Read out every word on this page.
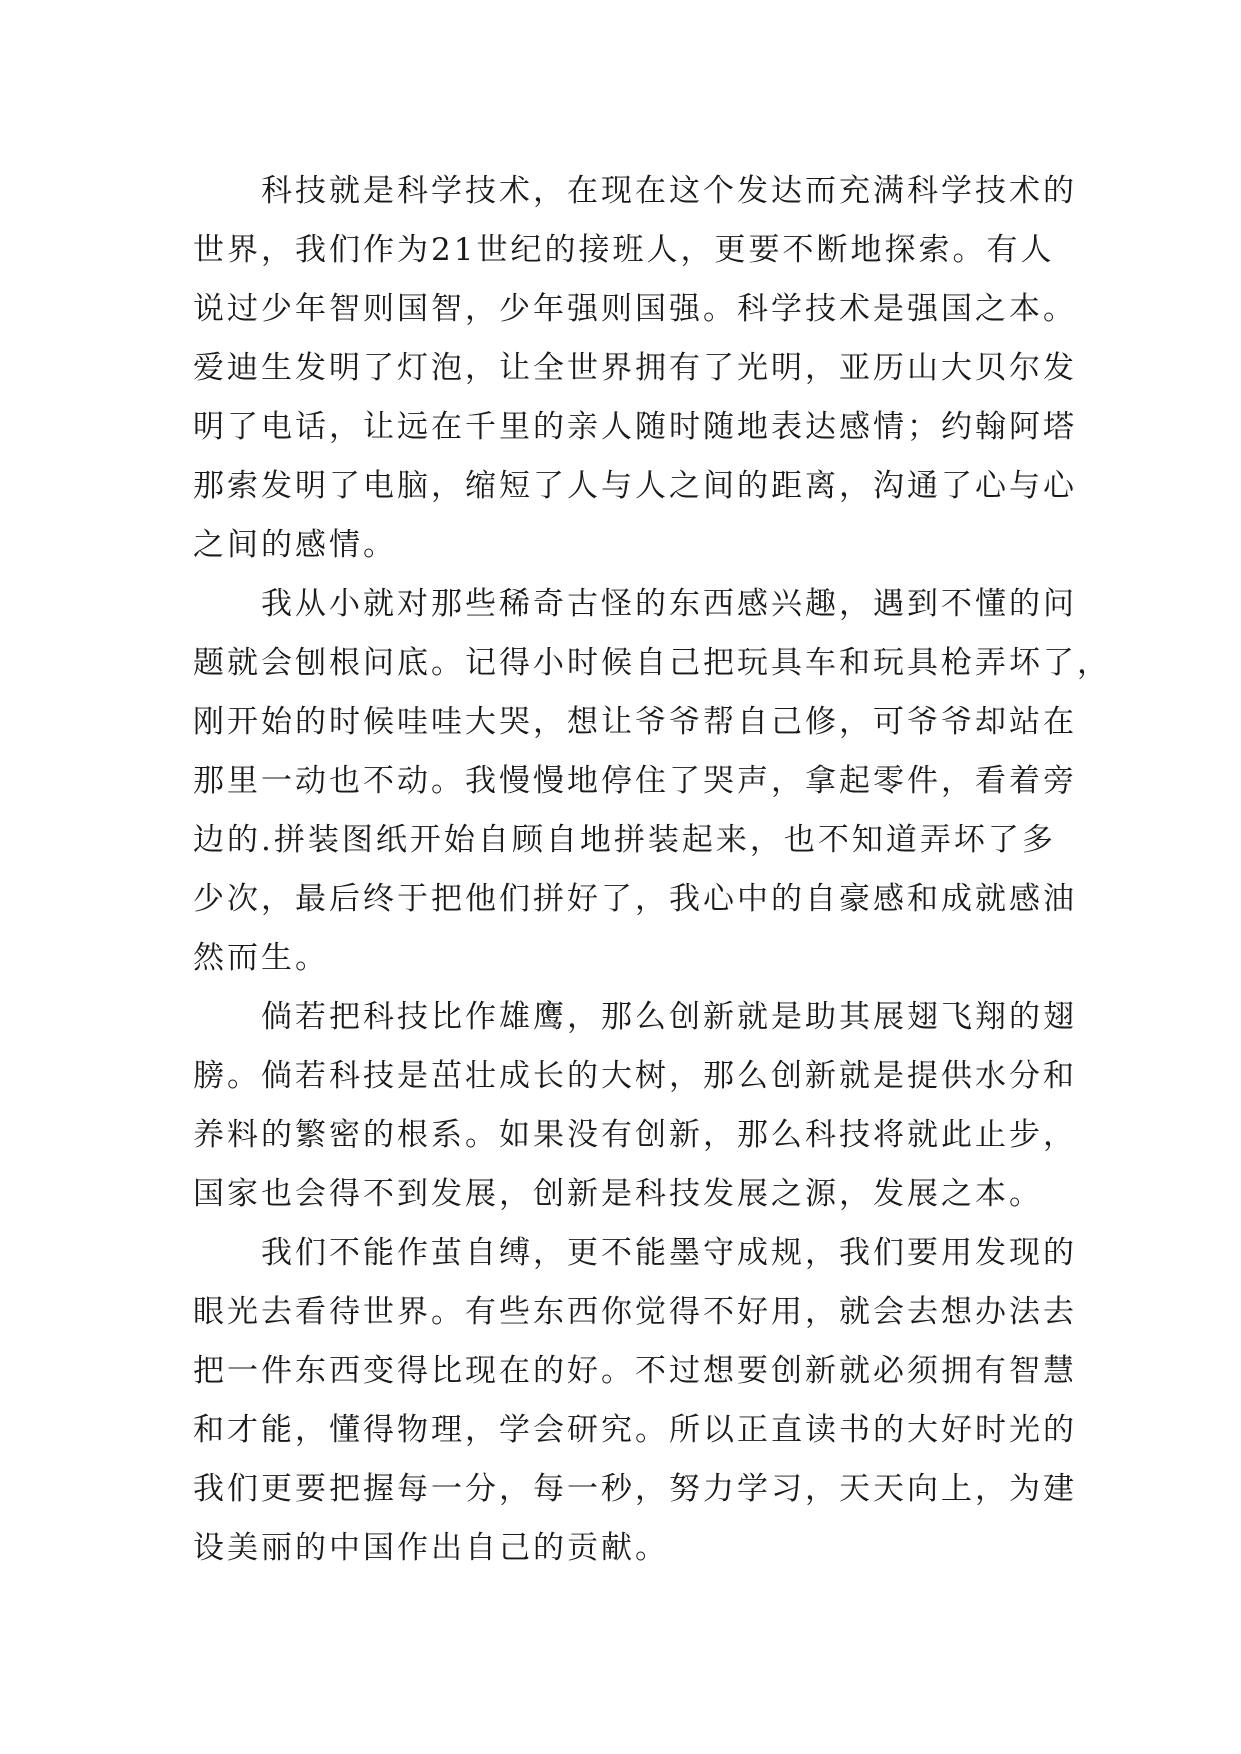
　　科技就是科学技术，在现在这个发达而充满科学技术的
世界，我们作为21世纪的接班人，更要不断地探索。有人
说过少年智则国智，少年强则国强。科学技术是强国之本。
爱迪生发明了灯泡，让全世界拥有了光明，亚历山大贝尔发
明了电话，让远在千里的亲人随时随地表达感情；约翰阿塔
那索发明了电脑，缩短了人与人之间的距离，沟通了心与心
之间的感情。
　　我从小就对那些稀奇古怪的东西感兴趣，遇到不懂的问
题就会刨根问底。记得小时候自己把玩具车和玩具枪弄坏了，
刚开始的时候哇哇大哭，想让爷爷帮自己修，可爷爷却站在
那里一动也不动。我慢慢地停住了哭声，拿起零件，看着旁
边的.拼装图纸开始自顾自地拼装起来，也不知道弄坏了多
少次，最后终于把他们拼好了，我心中的自豪感和成就感油
然而生。
　　倘若把科技比作雄鹰，那么创新就是助其展翅飞翔的翅
膀。倘若科技是茁壮成长的大树，那么创新就是提供水分和
养料的繁密的根系。如果没有创新，那么科技将就此止步，
国家也会得不到发展，创新是科技发展之源，发展之本。
　　我们不能作茧自缚，更不能墨守成规，我们要用发现的
眼光去看待世界。有些东西你觉得不好用，就会去想办法去
把一件东西变得比现在的好。不过想要创新就必须拥有智慧
和才能，懂得物理，学会研究。所以正直读书的大好时光的
我们更要把握每一分，每一秒，努力学习，天天向上，为建
设美丽的中国作出自己的贡献。
